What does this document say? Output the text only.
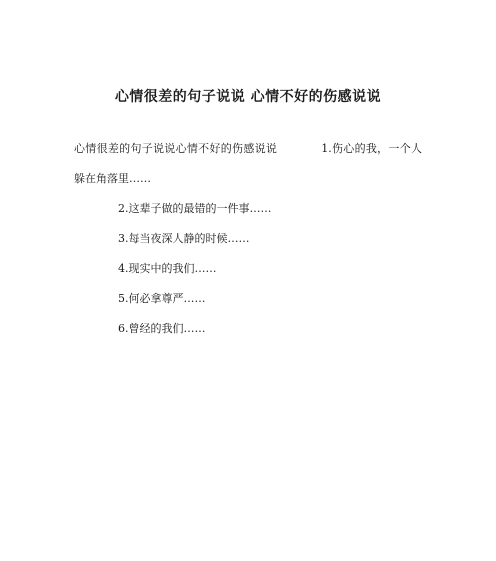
心情很差的句子说说 心情不好的伤感说说

心情很差的句子说说心情不好的伤感说说	1.伤心的我，一个人躲在角落里……

2.这辈子做的最错的一件事……

3.每当夜深人静的时候……

4.现实中的我们……

5.何必拿尊严……

6.曾经的我们……
